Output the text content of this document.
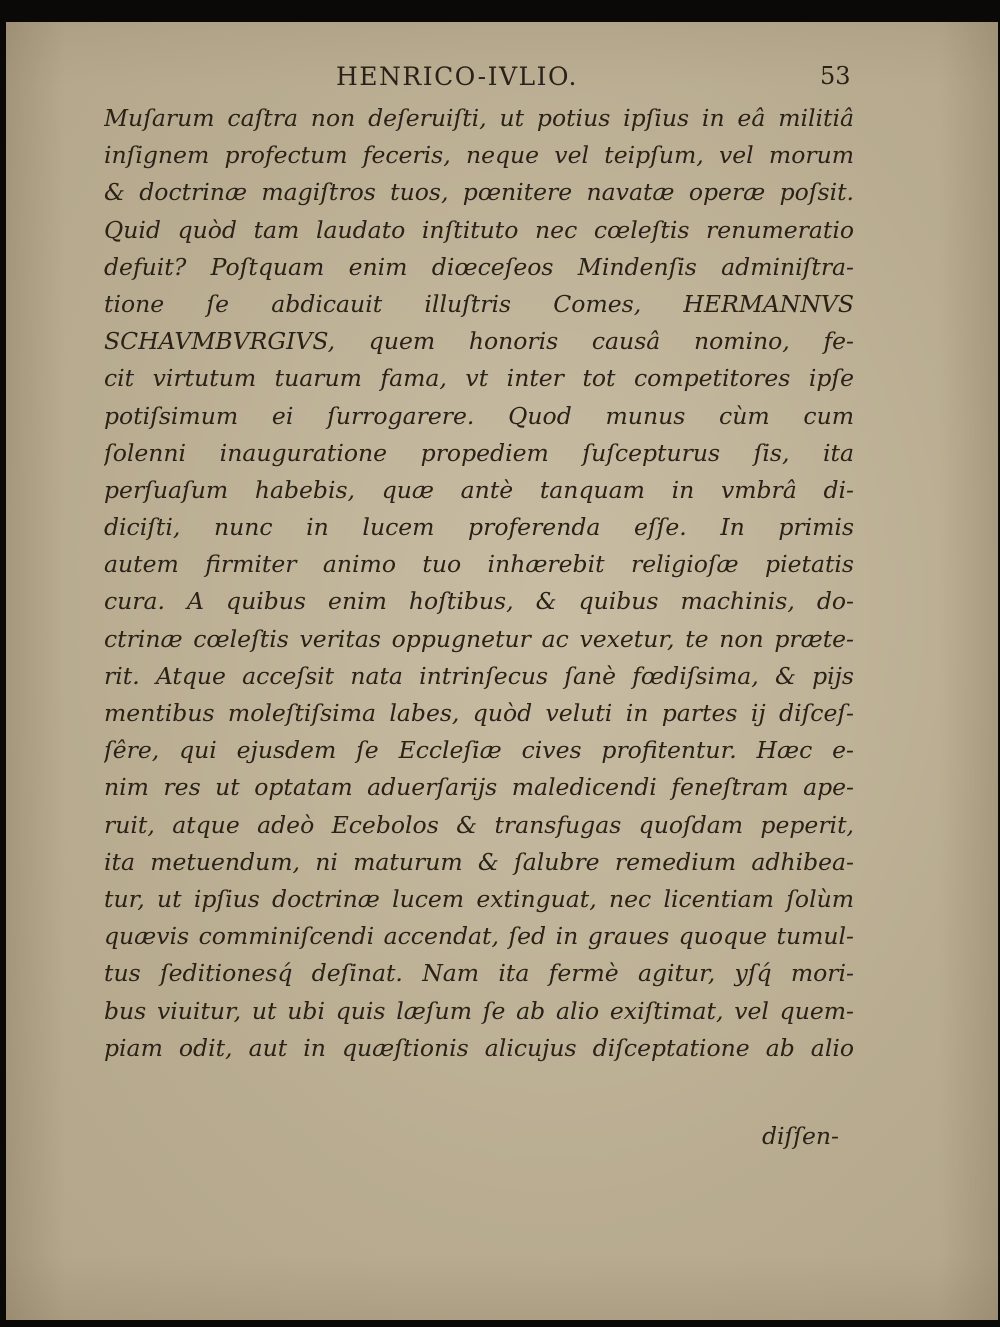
HENRICO-IVLIO.	53
Muſarum caſtra non deſeruiſti, ut potius ipſius in eâ militiâ
inſignem profectum feceris, neque vel teipſum, vel morum
& doctrinæ magiſtros tuos, pœnitere navatæ operæ poſsit.
Quid quòd tam laudato inſtituto nec cœleſtis renumeratio
defuit? Poſtquam enim diœceſeos Mindenſis adminiſtra-
tione ſe abdicauit illuſtris Comes, HERMANNVS
SCHAVMBVRGIVS, quem honoris causâ nomino, fe-
cit virtutum tuarum fama, vt inter tot competitores ipſe
potiſsimum ei ſurrogarere. Quod munus cùm cum
ſolenni inauguratione propediem ſuſcepturus ſis, ita
perſuaſum habebis, quæ antè tanquam in vmbrâ di-
diciſti, nunc in lucem proferenda eſſe. In primis
autem firmiter animo tuo inhærebit religioſæ pietatis
cura. A quibus enim hoſtibus, & quibus machinis, do-
ctrinæ cœleſtis veritas oppugnetur ac vexetur, te non præte-
rit. Atque acceſsit nata intrinſecus ſanè fœdiſsima, & pijs
mentibus moleſtiſsima labes, quòd veluti in partes ij diſceſ-
ſêre, qui ejusdem ſe Eccleſiæ cives profitentur. Hæc e-
nim res ut optatam aduerſarijs maledicendi feneſtram ape-
ruit, atque adeò Ecebolos & transfugas quoſdam peperit,
ita metuendum, ni maturum & ſalubre remedium adhibea-
tur, ut ipſius doctrinæ lucem extinguat, nec licentiam ſolùm
quævis comminiſcendi accendat, ſed in graues quoque tumul-
tus ſeditionesq́ deſinat. Nam ita fermè agitur, yſq́ mori-
bus viuitur, ut ubi quis læſum ſe ab alio exiſtimat, vel quem-
piam odit, aut in quæſtionis alicujus diſceptatione ab alio
diſſen-
